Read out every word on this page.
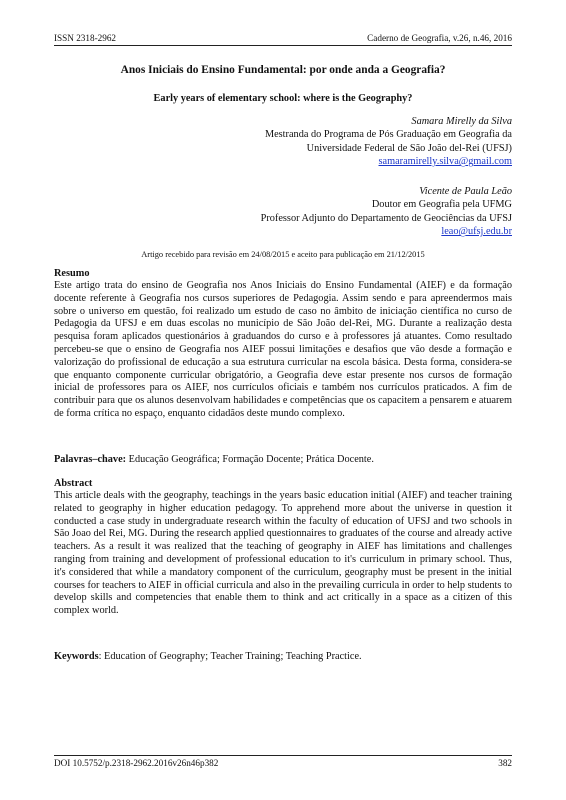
ISSN 2318-2962	Caderno de Geografia, v.26, n.46, 2016
Anos Iniciais do Ensino Fundamental: por onde anda a Geografia?
Early years of elementary school: where is the Geography?
Samara Mirelly da Silva
Mestranda do Programa de Pós Graduação em Geografia da
Universidade Federal de São João del-Rei (UFSJ)
samaramirelly.silva@gmail.com
Vicente de Paula Leão
Doutor em Geografia pela UFMG
Professor Adjunto do Departamento de Geociências da UFSJ
leao@ufsj.edu.br
Artigo recebido para revisão em 24/08/2015 e aceito para publicação em 21/12/2015
Resumo

Este artigo trata do ensino de Geografia nos Anos Iniciais do Ensino Fundamental (AIEF) e da formação docente referente à Geografia nos cursos superiores de Pedagogia. Assim sendo e para apreendermos mais sobre o universo em questão, foi realizado um estudo de caso no âmbito de iniciação científica no curso de Pedagogia da UFSJ e em duas escolas no município de São João del-Rei, MG. Durante a realização desta pesquisa foram aplicados questionários à graduandos do curso e à professores já atuantes. Como resultado percebeu-se que o ensino de Geografia nos AIEF possui limitações e desafios que vão desde a formação e valorização do profissional de educação a sua estrutura curricular na escola básica. Desta forma, considera-se que enquanto componente curricular obrigatório, a Geografia deve estar presente nos cursos de formação inicial de professores para os AIEF, nos currículos oficiais e também nos currículos praticados. A fim de contribuir para que os alunos desenvolvam habilidades e competências que os capacitem a pensarem e atuarem de forma crítica no espaço, enquanto cidadãos deste mundo complexo.

Palavras–chave: Educação Geográfica; Formação Docente; Prática Docente.
Abstract

This article deals with the geography, teachings in the years basic education initial (AIEF) and teacher training related to geography in higher education pedagogy. To apprehend more about the universe in question it conducted a case study in undergraduate research within the faculty of education of UFSJ and two schools in São Joao del Rei, MG. During the research applied questionnaires to graduates of the course and already active teachers. As a result it was realized that the teaching of geography in AIEF has limitations and challenges ranging from training and development of professional education to it's curriculum in primary school. Thus, it's considered that while a mandatory component of the curriculum, geography must be present in the initial courses for teachers to AIEF in official curricula and also in the prevailing curricula in order to help students to develop skills and competencies that enable them to think and act critically in a space as a citizen of this complex world.

Keywords: Education of Geography; Teacher Training; Teaching Practice.
DOI 10.5752/p.2318-2962.2016v26n46p382	382
